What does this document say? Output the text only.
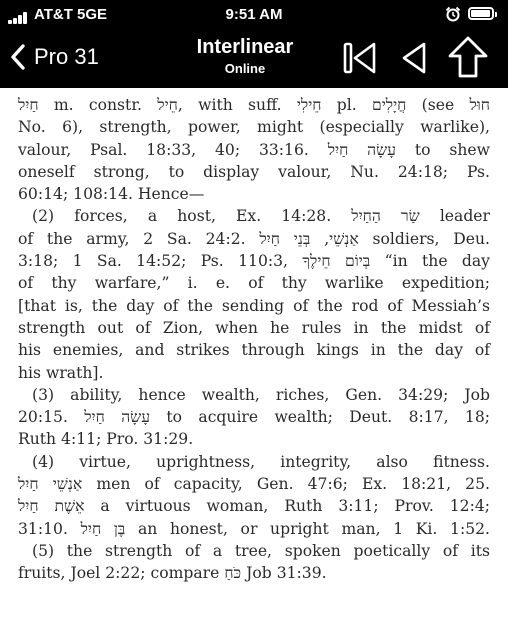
AT&T 5GE	9:51 AM
Pro 31	Interlinear
Online
חַיִל m. constr. חֵיל, with suff. חֵילִי pl. חֲיָלִים (see חוּל
No. 6), strength, power, might (especially warlike),
valour, Psal. 18:33, 40; 33:16. עָשָׂה חַיִל to shew
oneself strong, to display valour, Nu. 24:18; Ps.
60:14; 108:14. Hence—
(2) forces, a host, Ex. 14:28. שַׂר הַחַיִל leader
of the army, 2 Sa. 24:2. אַנְשֵׁי, בְּנֵי חַיִל soldiers, Deu.
3:18; 1 Sa. 14:52; Ps. 110:3, בְּיוֹם חֵילֶךָ “in the day
of thy warfare,” i. e. of thy warlike expedition;
[that is, the day of the sending of the rod of Messiah’s
strength out of Zion, when he rules in the midst of
his enemies, and strikes through kings in the day of
his wrath].
(3) ability, hence wealth, riches, Gen. 34:29; Job
20:15. עָשָׂה חַיִל to acquire wealth; Deut. 8:17, 18;
Ruth 4:11; Pro. 31:29.
(4) virtue, uprightness, integrity, also fitness.
אַנְשֵׁי חַיִל men of capacity, Gen. 47:6; Ex. 18:21, 25.
אֵשֶׁת חַיִל a virtuous woman, Ruth 3:11; Prov. 12:4;
31:10. בֶּן חַיִל an honest, or upright man, 1 Ki. 1:52.
(5) the strength of a tree, spoken poetically of its
fruits, Joel 2:22; compare כֹּחַ Job 31:39.
